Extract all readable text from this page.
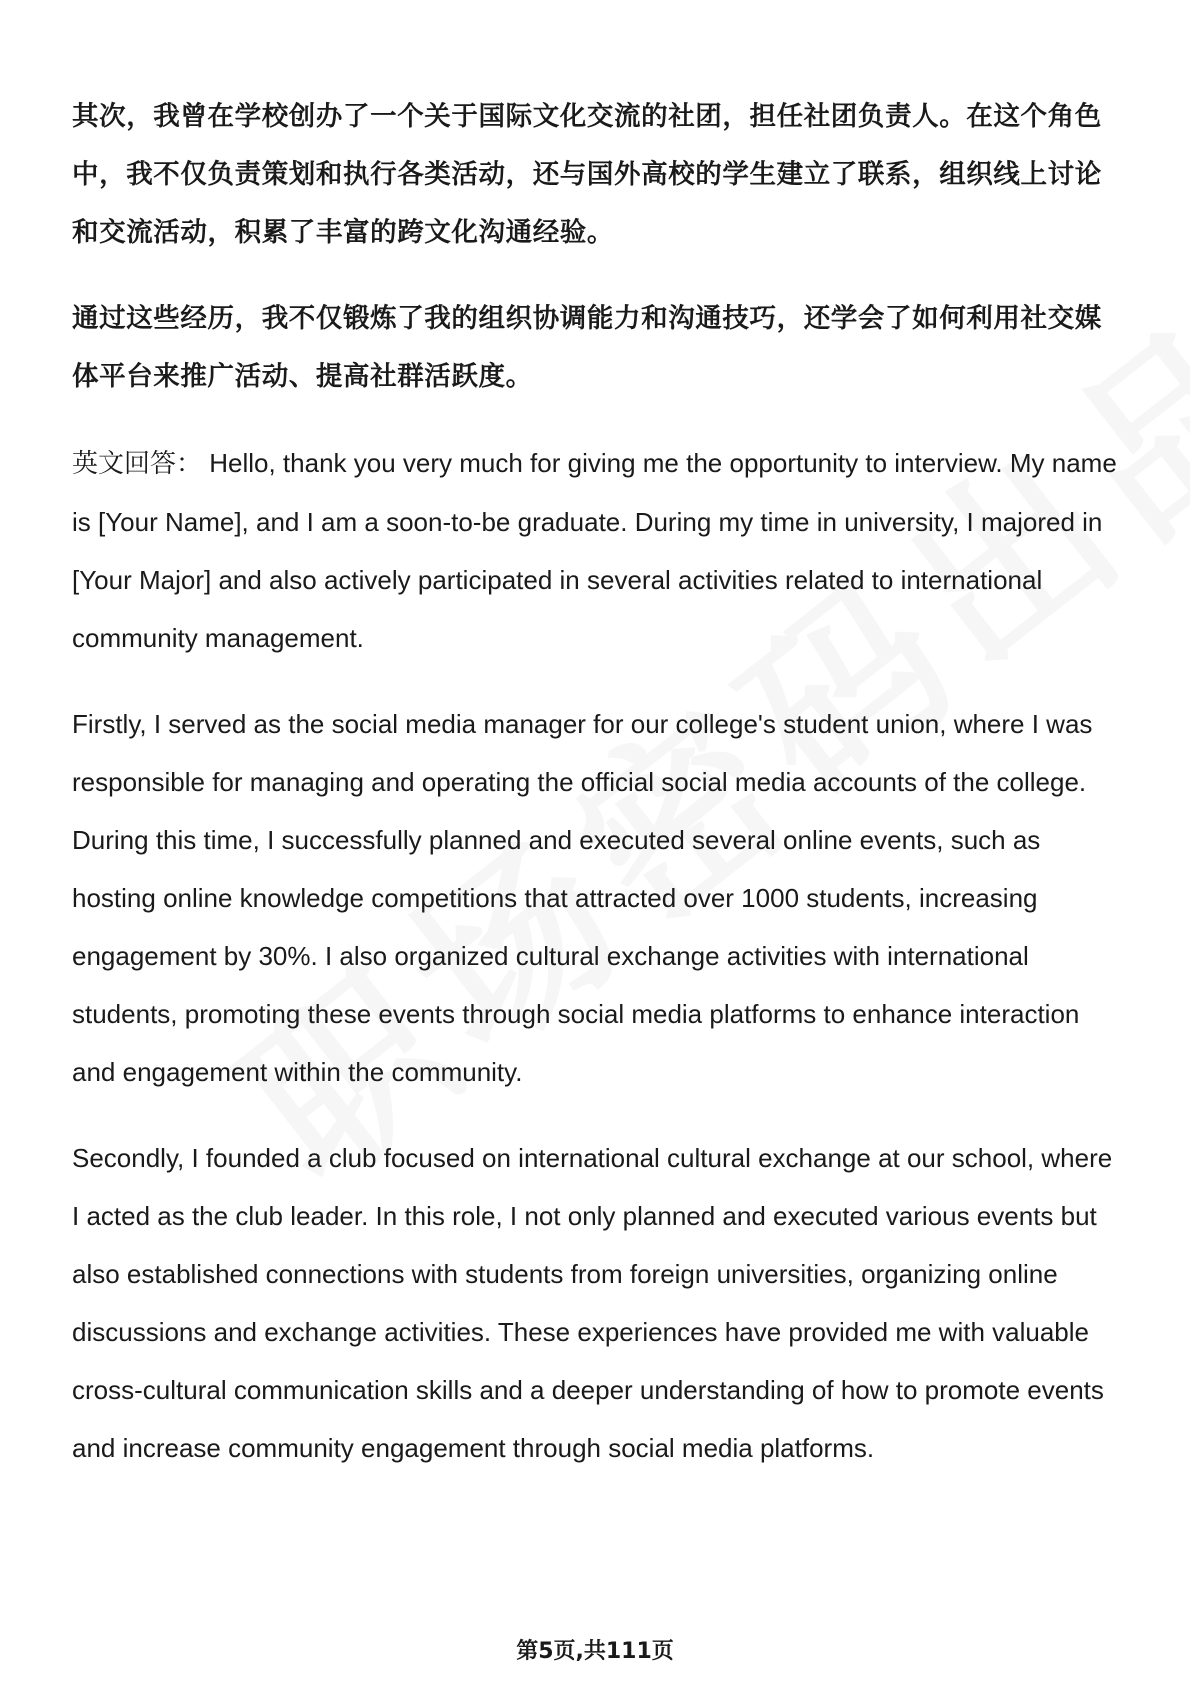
其次，我曾在学校创办了一个关于国际文化交流的社团，担任社团负责人。在这个角色中，我不仅负责策划和执行各类活动，还与国外高校的学生建立了联系，组织线上讨论和交流活动，积累了丰富的跨文化沟通经验。

通过这些经历，我不仅锻炼了我的组织协调能力和沟通技巧，还学会了如何利用社交媒体平台来推广活动、提高社群活跃度。

英文回答： Hello, thank you very much for giving me the opportunity to interview. My name is [Your Name], and I am a soon-to-be graduate. During my time in university, I majored in [Your Major] and also actively participated in several activities related to international community management.

Firstly, I served as the social media manager for our college's student union, where I was responsible for managing and operating the official social media accounts of the college. During this time, I successfully planned and executed several online events, such as hosting online knowledge competitions that attracted over 1000 students, increasing engagement by 30%. I also organized cultural exchange activities with international students, promoting these events through social media platforms to enhance interaction and engagement within the community.

Secondly, I founded a club focused on international cultural exchange at our school, where I acted as the club leader. In this role, I not only planned and executed various events but also established connections with students from foreign universities, organizing online discussions and exchange activities. These experiences have provided me with valuable cross-cultural communication skills and a deeper understanding of how to promote events and increase community engagement through social media platforms.

第5页,共111页
